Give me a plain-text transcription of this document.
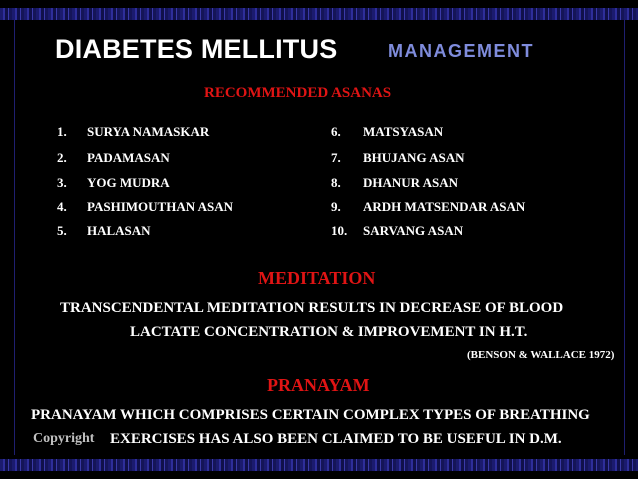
DIABETES MELLITUS	MANAGEMENT
RECOMMENDED ASANAS
1. SURYA NAMASKAR
2. PADAMASAN
3. YOG MUDRA
4. PASHIMOUTHAN ASAN
5. HALASAN
6. MATSYASAN
7. BHUJANG ASAN
8. DHANUR ASAN
9. ARDH MATSENDAR ASAN
10. SARVANG ASAN
MEDITATION
TRANSCENDENTAL MEDITATION RESULTS IN DECREASE OF BLOOD
LACTATE CONCENTRATION & IMPROVEMENT IN H.T.
(BENSON & WALLACE 1972)
PRANAYAM
PRANAYAM WHICH COMPRISES CERTAIN COMPLEX TYPES OF BREATHING
Copyright EXERCISES HAS ALSO BEEN CLAIMED TO BE USEFUL IN D.M.
